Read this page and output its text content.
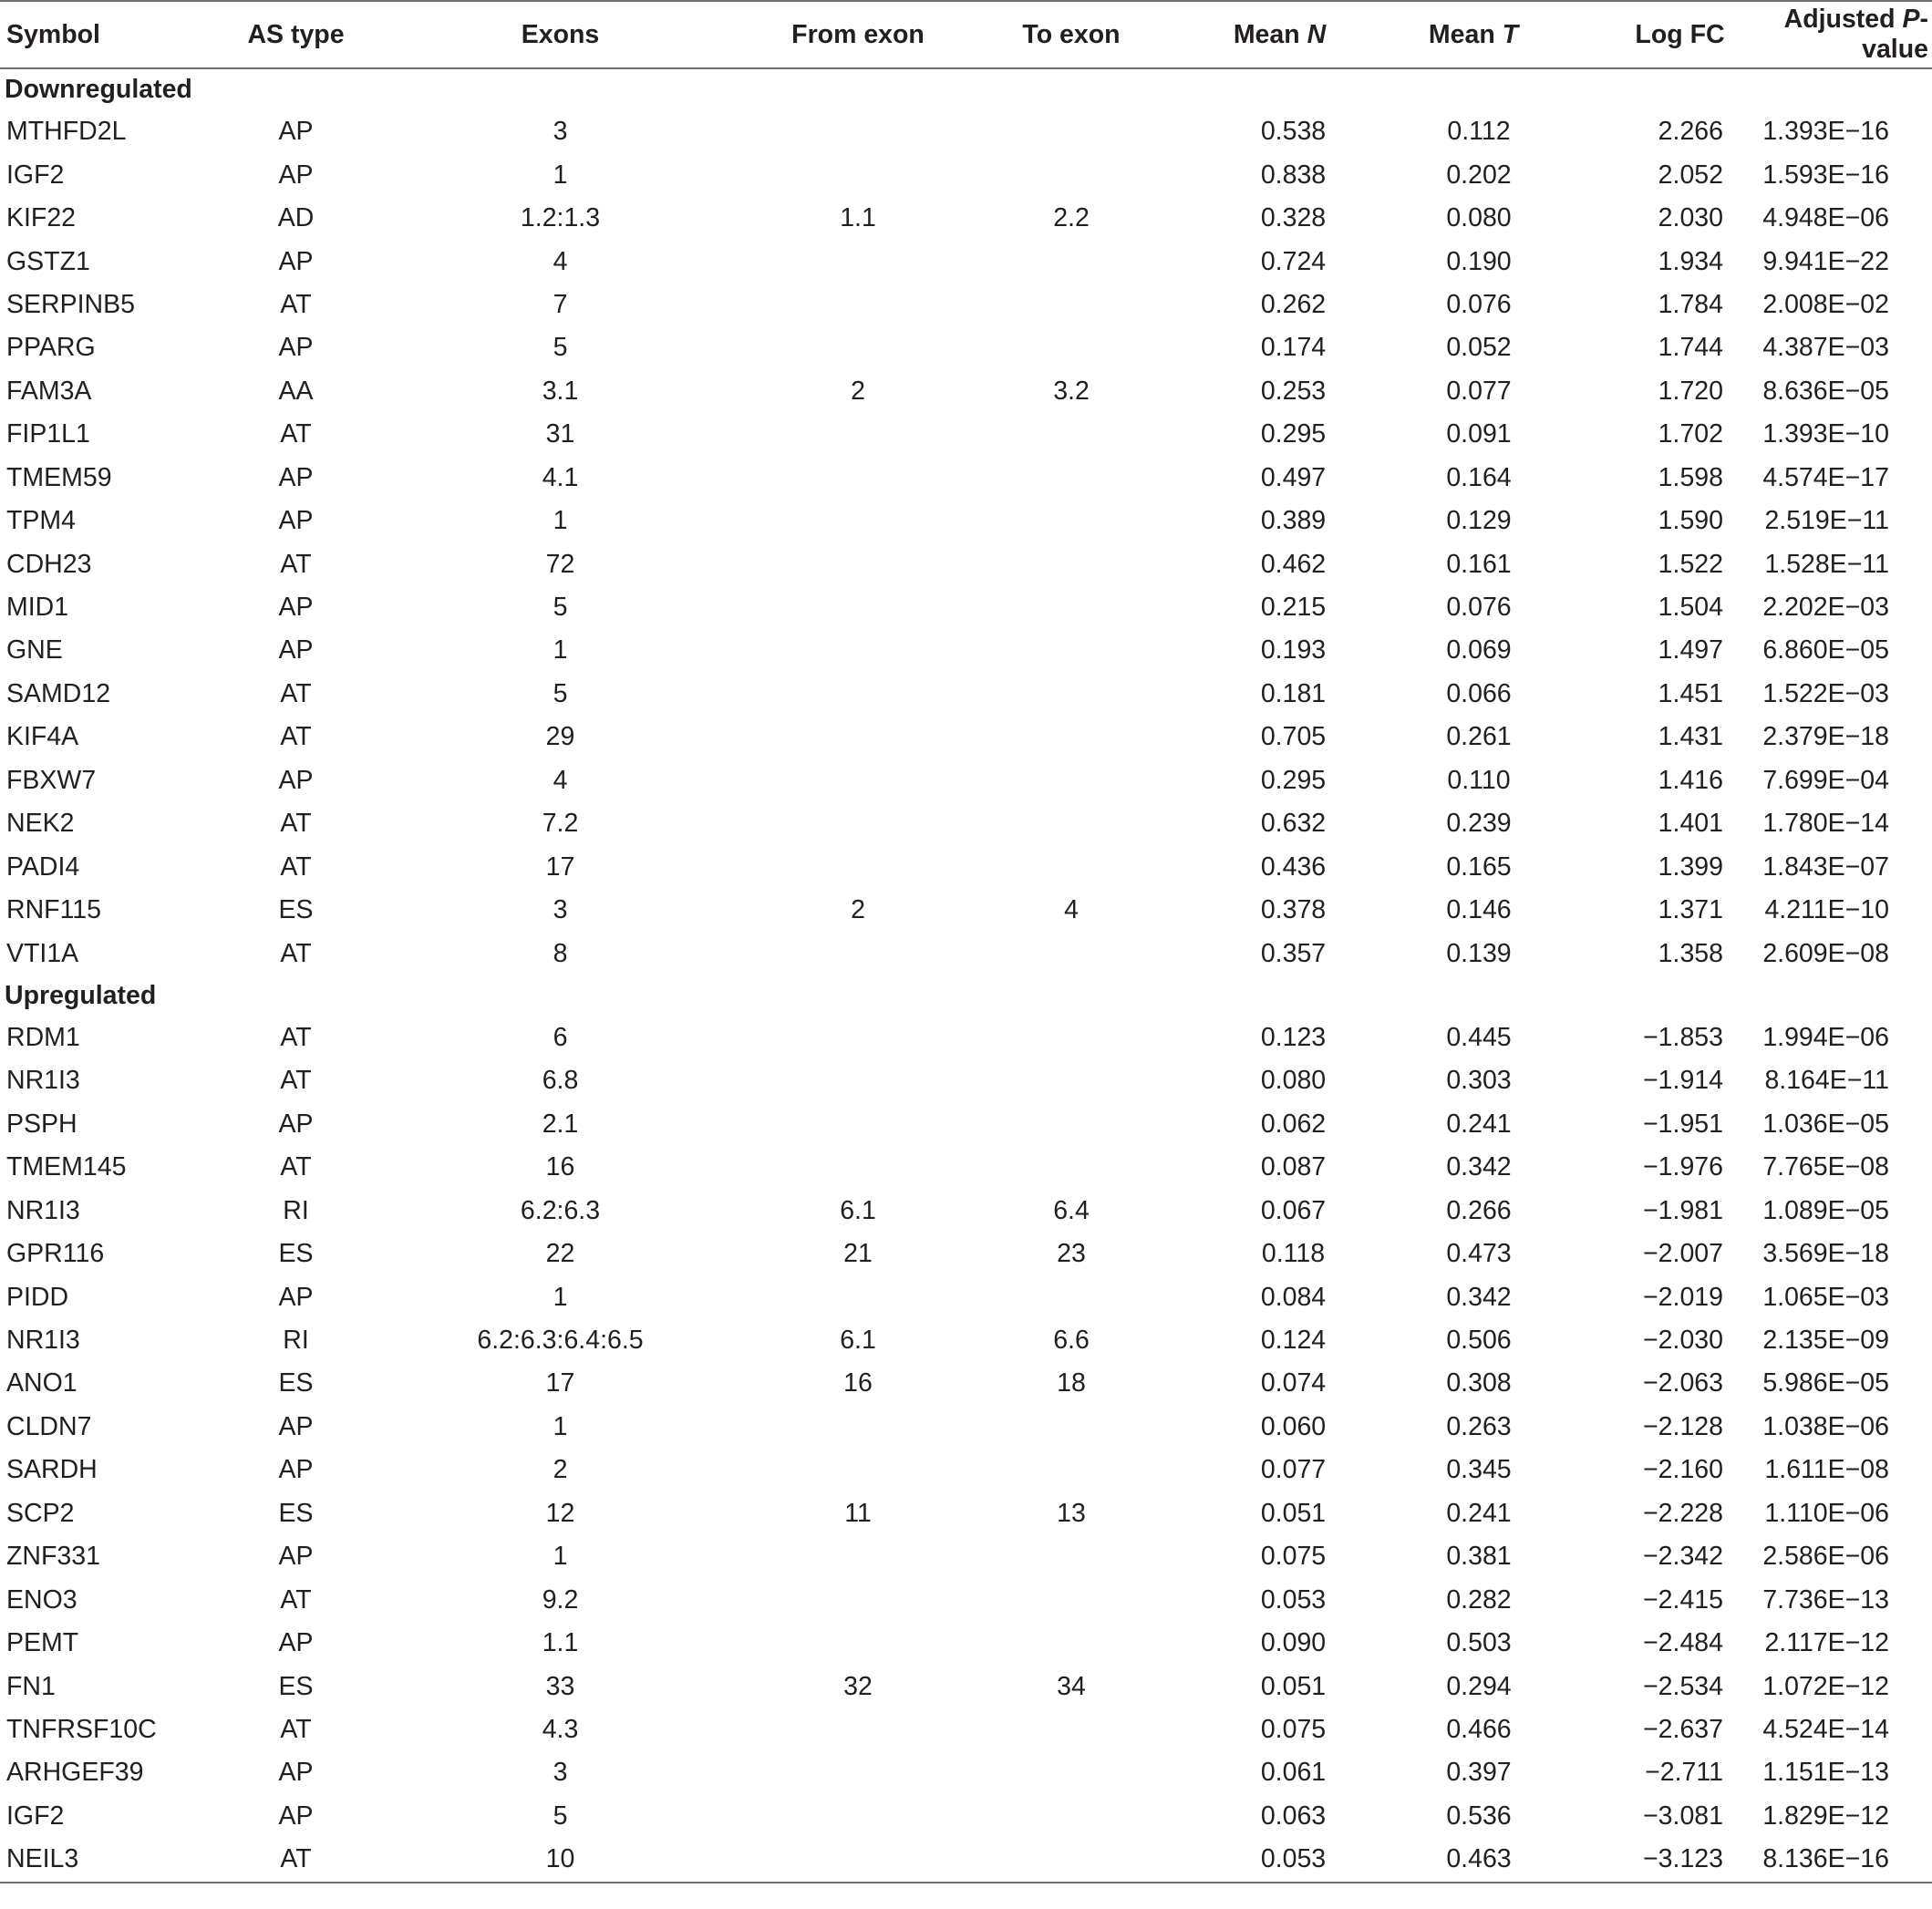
Symbol	AS type	Exons	From exon	To exon	Mean N	Mean T	Log FC	Adjusted P-value
Downregulated								
MTHFD2L	AP	3			0.538	0.112	2.266	1.393E−16
IGF2	AP	1			0.838	0.202	2.052	1.593E−16
KIF22	AD	1.2:1.3	1.1	2.2	0.328	0.080	2.030	4.948E−06
GSTZ1	AP	4			0.724	0.190	1.934	9.941E−22
SERPINB5	AT	7			0.262	0.076	1.784	2.008E−02
PPARG	AP	5			0.174	0.052	1.744	4.387E−03
FAM3A	AA	3.1	2	3.2	0.253	0.077	1.720	8.636E−05
FIP1L1	AT	31			0.295	0.091	1.702	1.393E−10
TMEM59	AP	4.1			0.497	0.164	1.598	4.574E−17
TPM4	AP	1			0.389	0.129	1.590	2.519E−11
CDH23	AT	72			0.462	0.161	1.522	1.528E−11
MID1	AP	5			0.215	0.076	1.504	2.202E−03
GNE	AP	1			0.193	0.069	1.497	6.860E−05
SAMD12	AT	5			0.181	0.066	1.451	1.522E−03
KIF4A	AT	29			0.705	0.261	1.431	2.379E−18
FBXW7	AP	4			0.295	0.110	1.416	7.699E−04
NEK2	AT	7.2			0.632	0.239	1.401	1.780E−14
PADI4	AT	17			0.436	0.165	1.399	1.843E−07
RNF115	ES	3	2	4	0.378	0.146	1.371	4.211E−10
VTI1A	AT	8			0.357	0.139	1.358	2.609E−08
Upregulated								
RDM1	AT	6			0.123	0.445	−1.853	1.994E−06
NR1I3	AT	6.8			0.080	0.303	−1.914	8.164E−11
PSPH	AP	2.1			0.062	0.241	−1.951	1.036E−05
TMEM145	AT	16			0.087	0.342	−1.976	7.765E−08
NR1I3	RI	6.2:6.3	6.1	6.4	0.067	0.266	−1.981	1.089E−05
GPR116	ES	22	21	23	0.118	0.473	−2.007	3.569E−18
PIDD	AP	1			0.084	0.342	−2.019	1.065E−03
NR1I3	RI	6.2:6.3:6.4:6.5	6.1	6.6	0.124	0.506	−2.030	2.135E−09
ANO1	ES	17	16	18	0.074	0.308	−2.063	5.986E−05
CLDN7	AP	1			0.060	0.263	−2.128	1.038E−06
SARDH	AP	2			0.077	0.345	−2.160	1.611E−08
SCP2	ES	12	11	13	0.051	0.241	−2.228	1.110E−06
ZNF331	AP	1			0.075	0.381	−2.342	2.586E−06
ENO3	AT	9.2			0.053	0.282	−2.415	7.736E−13
PEMT	AP	1.1			0.090	0.503	−2.484	2.117E−12
FN1	ES	33	32	34	0.051	0.294	−2.534	1.072E−12
TNFRSF10C	AT	4.3			0.075	0.466	−2.637	4.524E−14
ARHGEF39	AP	3			0.061	0.397	−2.711	1.151E−13
IGF2	AP	5			0.063	0.536	−3.081	1.829E−12
NEIL3	AT	10			0.053	0.463	−3.123	8.136E−16
